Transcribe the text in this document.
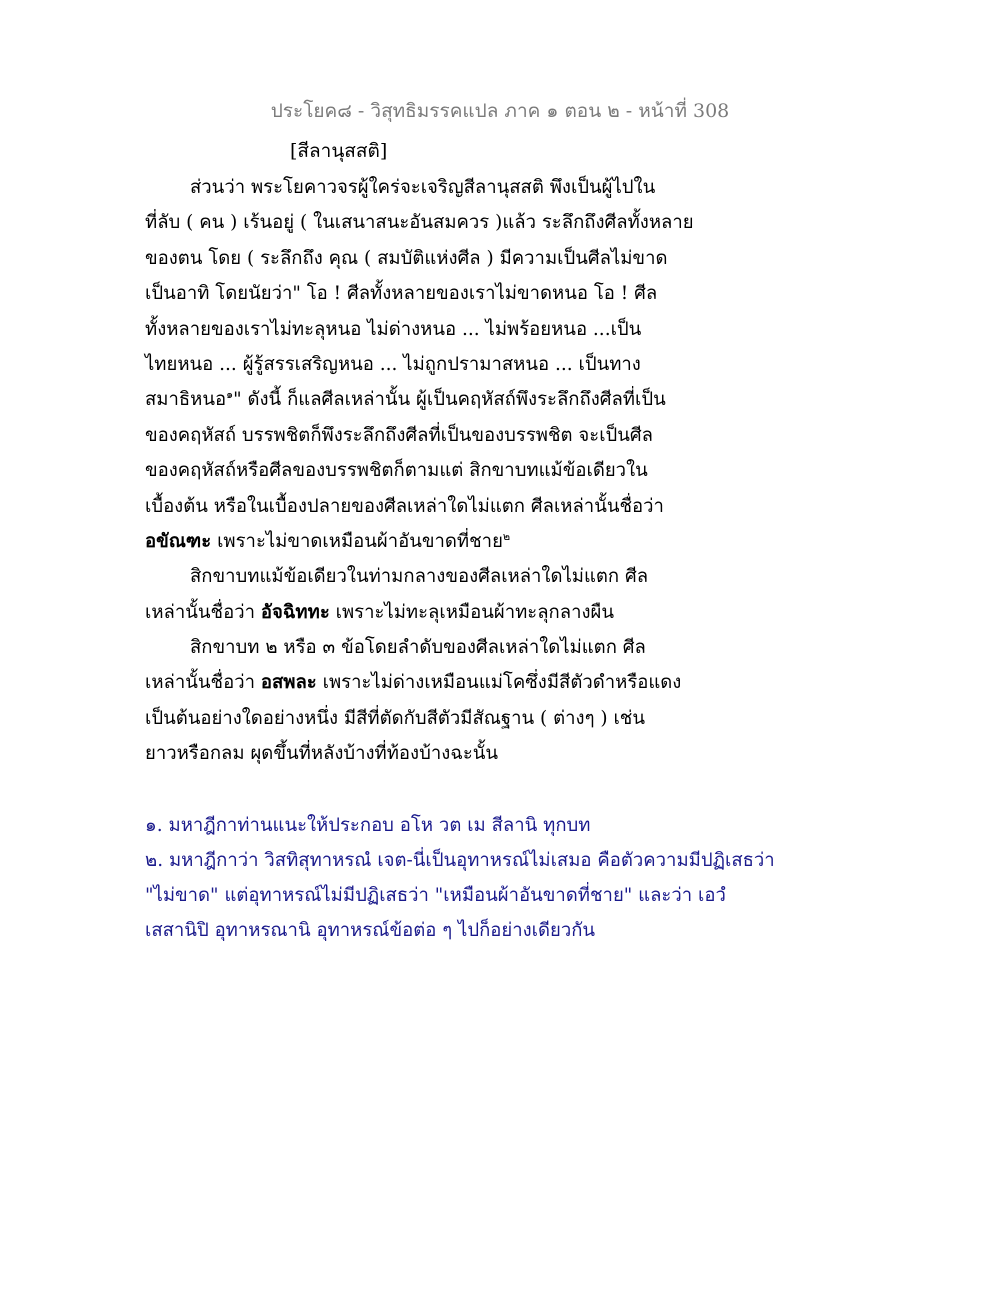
ประโยค๘ - วิสุทธิมรรคแปล ภาค ๑ ตอน ๒ - หน้าที่ 308
[สีลานุสสติ]
ส่วนว่า พระโยคาวจรผู้ใคร่จะเจริญสีลานุสสติ พึงเป็นผู้ไปใน
ที่ลับ ( คน ) เร้นอยู่ ( ในเสนาสนะอันสมควร )แล้ว ระลึกถึงศีลทั้งหลาย
ของตน โดย ( ระลึกถึง คุณ ( สมบัติแห่งศีล ) มีความเป็นศีลไม่ขาด
เป็นอาทิ โดยนัยว่า" โอ ! ศีลทั้งหลายของเราไม่ขาดหนอ โอ ! ศีล
ทั้งหลายของเราไม่ทะลุหนอ ไม่ด่างหนอ ... ไม่พร้อยหนอ ...เป็น
ไทยหนอ ... ผู้รู้สรรเสริญหนอ ... ไม่ถูกปรามาสหนอ ... เป็นทาง
สมาธิหนอ$^๑$" ดังนี้ ก็แลศีลเหล่านั้น ผู้เป็นคฤหัสถ์พึงระลึกถึงศีลที่เป็น
ของคฤหัสถ์ บรรพชิตก็พึงระลึกถึงศีลที่เป็นของบรรพชิต จะเป็นศีล
ของคฤหัสถ์หรือศีลของบรรพชิตก็ตามแต่ สิกขาบทแม้ข้อเดียวใน
เบื้องต้น หรือในเบื้องปลายของศีลเหล่าใดไม่แตก ศีลเหล่านั้นชื่อว่า
อขัณฑะ เพราะไม่ขาดเหมือนผ้าอันขาดที่ชาย$^๒$
สิกขาบทแม้ข้อเดียวในท่ามกลางของศีลเหล่าใดไม่แตก ศีล
เหล่านั้นชื่อว่า อัจฉิททะ เพราะไม่ทะลุเหมือนผ้าทะลุกลางผืน
สิกขาบท ๒ หรือ ๓ ข้อโดยลำดับของศีลเหล่าใดไม่แตก ศีล
เหล่านั้นชื่อว่า อสพละ เพราะไม่ด่างเหมือนแม่โคซึ่งมีสีตัวดำหรือแดง
เป็นต้นอย่างใดอย่างหนึ่ง มีสีที่ตัดกับสีตัวมีสัณฐาน ( ต่างๆ ) เช่น
ยาวหรือกลม ผุดขึ้นที่หลังบ้างที่ท้องบ้างฉะนั้น
๑. มหาฎีกาท่านแนะให้ประกอบ อโห วต เม สีลานิ ทุกบท
๒. มหาฎีกาว่า วิสทิสุทาหรณํ เจต-นี่เป็นอุทาหรณ์ไม่เสมอ คือตัวความมีปฏิเสธว่า
"ไม่ขาด" แต่อุทาหรณ์ไม่มีปฏิเสธว่า "เหมือนผ้าอันขาดที่ชาย" และว่า เอวํ
เสสานิปิ อุทาหรณานิ อุทาหรณ์ข้อต่อ ๆ ไปก็อย่างเดียวกัน
